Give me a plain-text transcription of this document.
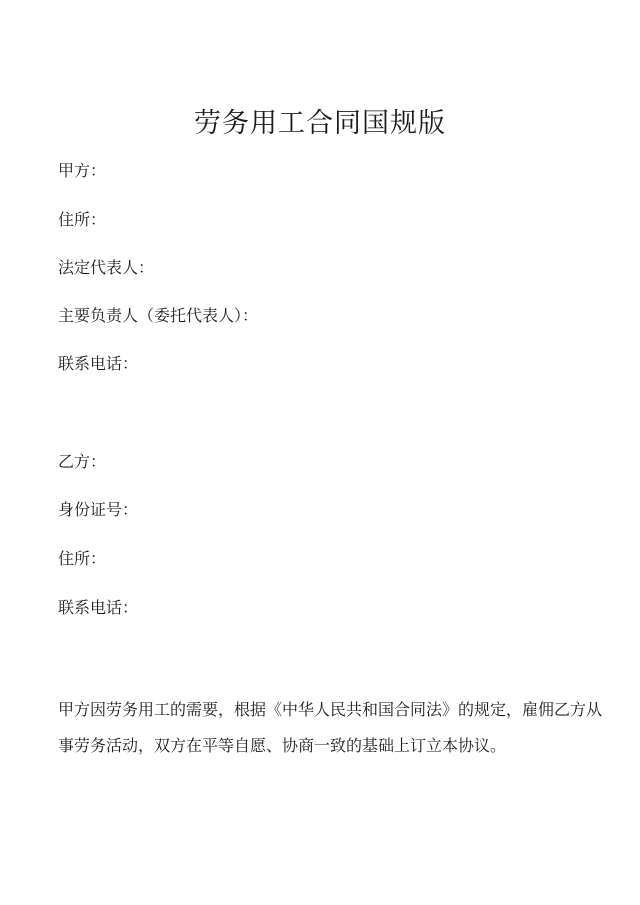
劳务用工合同国规版
甲方：
住所：
法定代表人：
主要负责人（委托代表人）：
联系电话：
乙方：
身份证号：
住所：
联系电话：
甲方因劳务用工的需要，根据《中华人民共和国合同法》的规定，雇佣乙方从
事劳务活动，双方在平等自愿、协商一致的基础上订立本协议。
